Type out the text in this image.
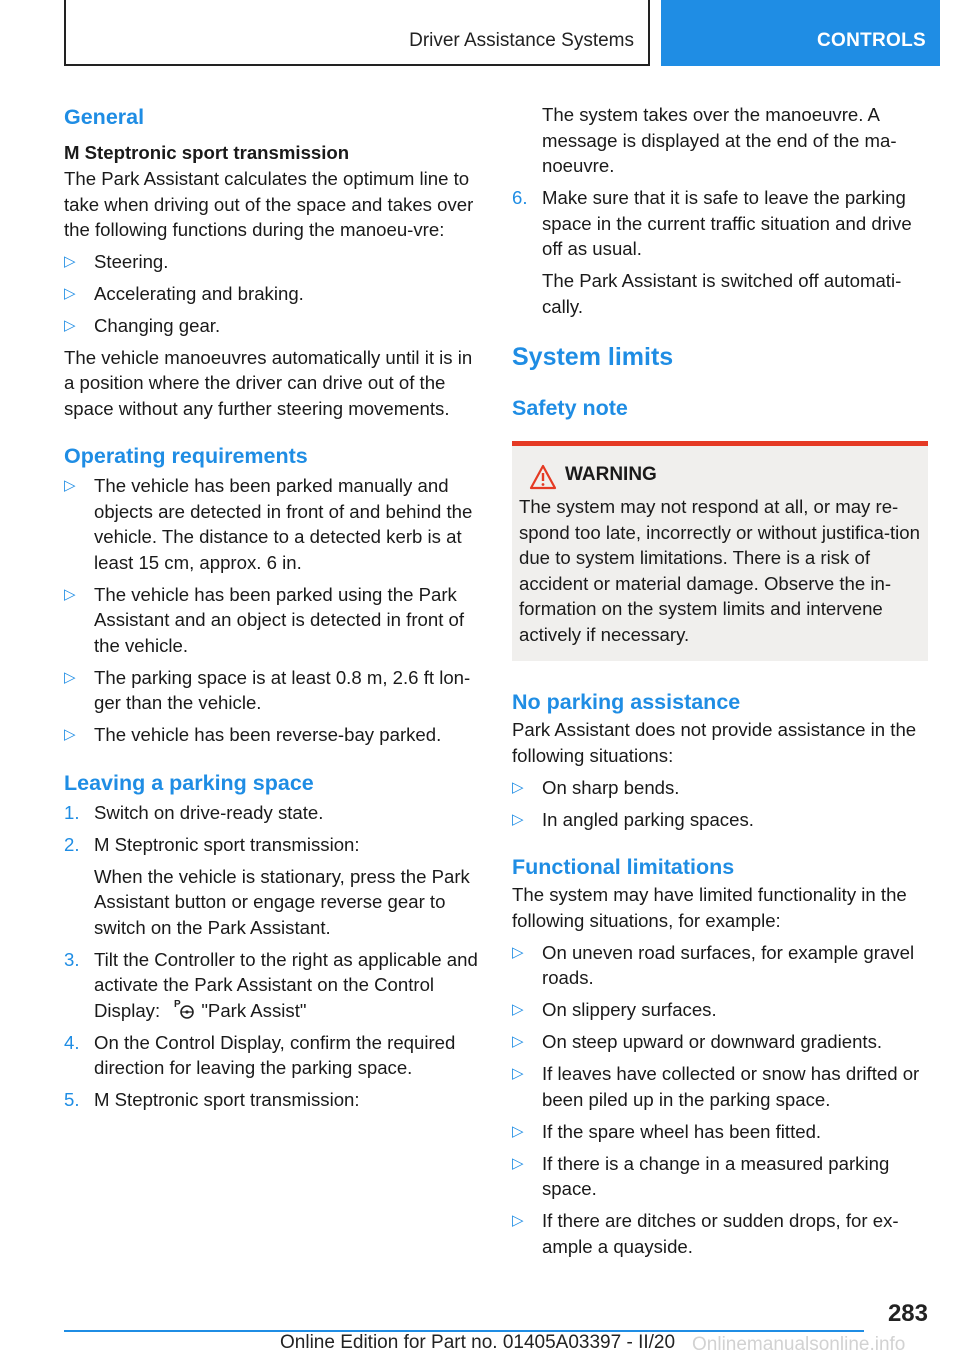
Driver Assistance Systems	CONTROLS
General
M Steptronic sport transmission

The Park Assistant calculates the optimum line to take when driving out of the space and takes over the following functions during the manoeu-vre:

▷ Steering.
▷ Accelerating and braking.
▷ Changing gear.

The vehicle manoeuvres automatically until it is in a position where the driver can drive out of the space without any further steering movements.

Operating requirements
▷ The vehicle has been parked manually and objects are detected in front of and behind the vehicle. The distance to a detected kerb is at least 15 cm, approx. 6 in.
▷ The vehicle has been parked using the Park Assistant and an object is detected in front of the vehicle.
▷ The parking space is at least 0.8 m, 2.6 ft lon-ger than the vehicle.
▷ The vehicle has been reverse-bay parked.
Leaving a parking space
1. Switch on drive-ready state.
2. M Steptronic sport transmission:

When the vehicle is stationary, press the Park Assistant button or engage reverse gear to switch on the Park Assistant.

3. Tilt the Controller to the right as applicable and activate the Park Assistant on the Control Display: P "Park Assist"
4. On the Control Display, confirm the required direction for leaving the parking space.
5. M Steptronic sport transmission:

The system takes over the manoeuvre. A message is displayed at the end of the ma-noeuvre.

6. Make sure that it is safe to leave the parking space in the current traffic situation and drive off as usual.

The Park Assistant is switched off automati-cally.

System limits
Safety note
WARNING

The system may not respond at all, or may re-spond too late, incorrectly or without justifica-tion due to system limitations. There is a risk of accident or material damage. Observe the in-formation on the system limits and intervene actively if necessary.

No parking assistance

Park Assistant does not provide assistance in the following situations:

▷ On sharp bends.
▷ In angled parking spaces.
Functional limitations

The system may have limited functionality in the following situations, for example:

▷ On uneven road surfaces, for example gravel roads.
▷ On slippery surfaces.
▷ On steep upward or downward gradients.
▷ If leaves have collected or snow has drifted or been piled up in the parking space.
▷ If the spare wheel has been fitted.
▷ If there is a change in a measured parking space.
▷ If there are ditches or sudden drops, for ex-ample a quayside.
283
Online Edition for Part no. 01405A03397 - II/20 Onlinemanualsonline.info
